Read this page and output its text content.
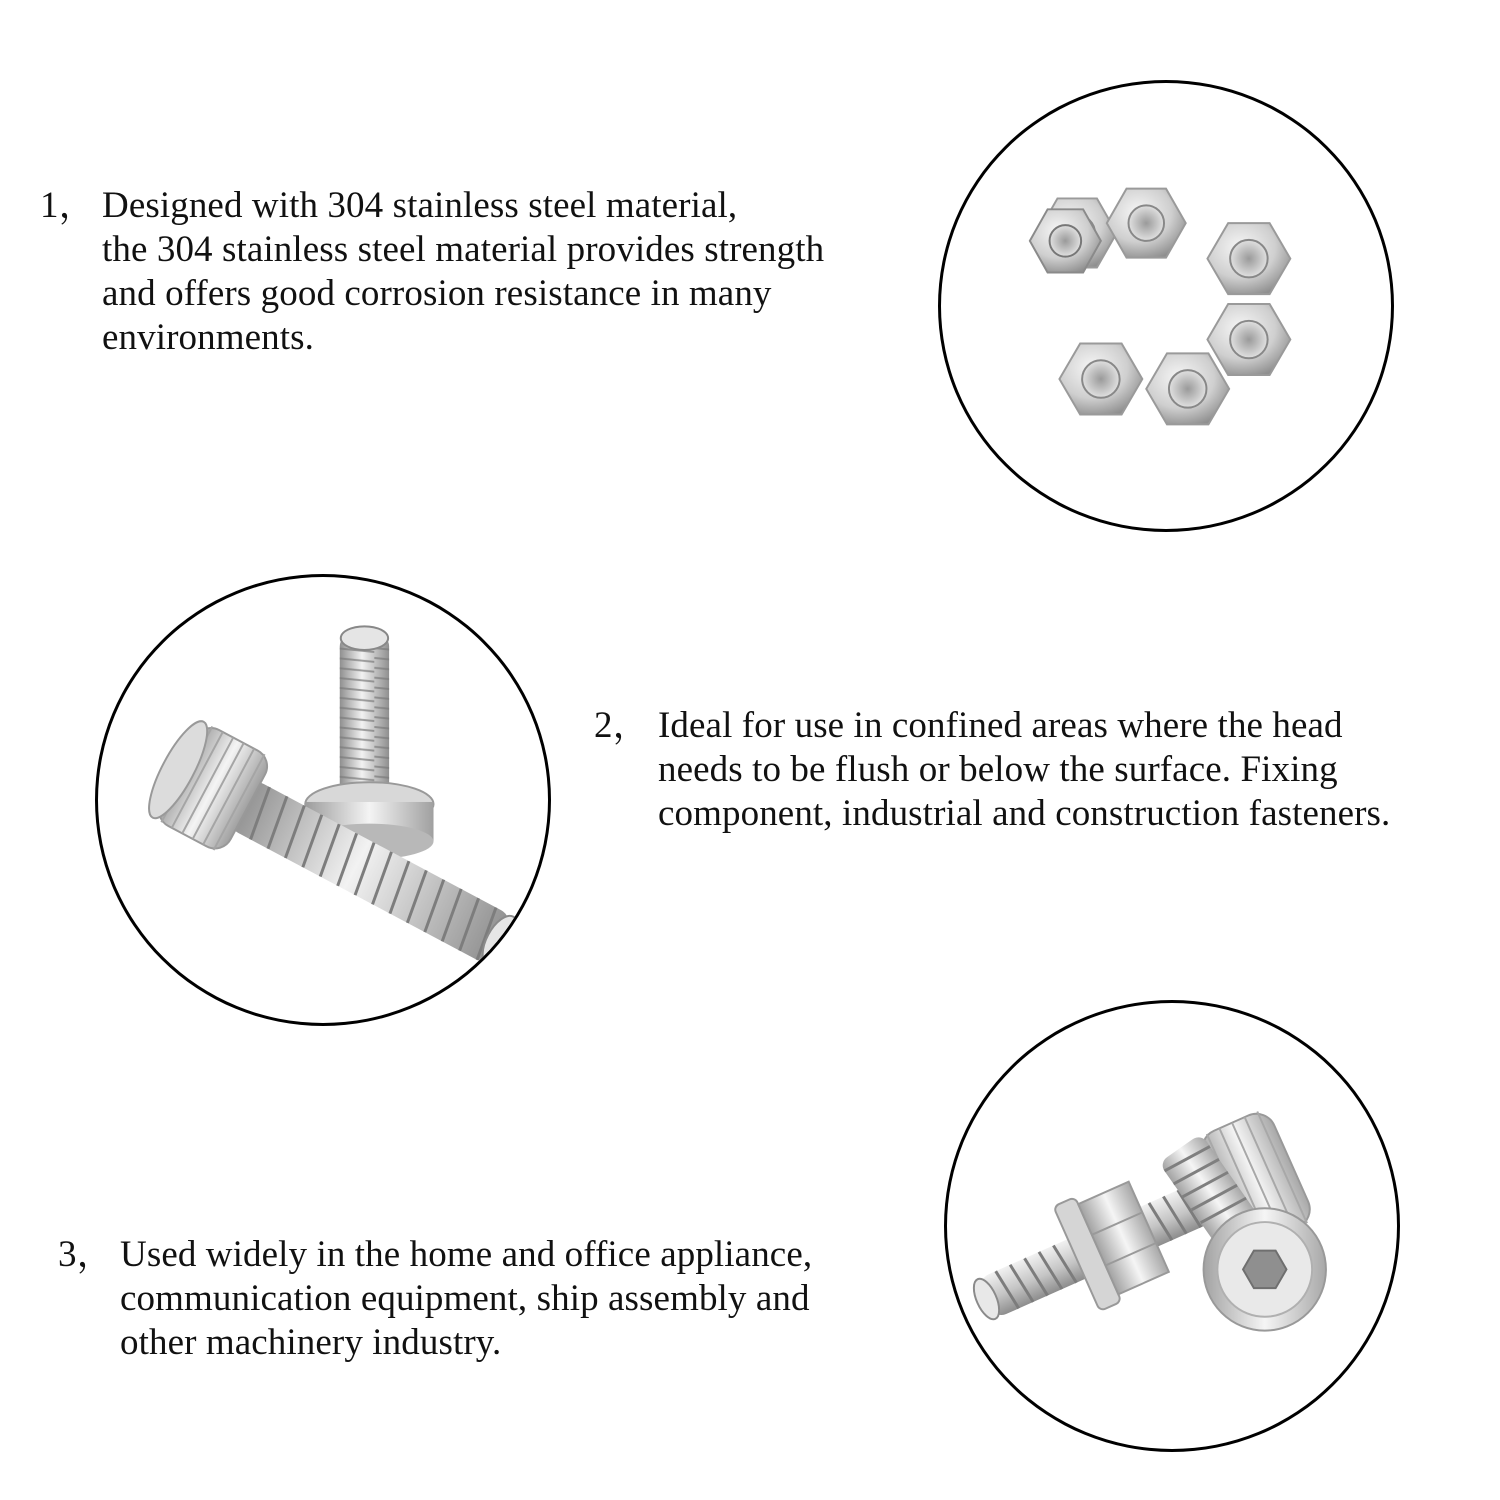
1， Designed with 304 stainless steel material,
the 304 stainless steel material provides strength
and offers good corrosion resistance in many
environments.
2， Ideal for use in confined areas where the head
needs to be flush or below the surface. Fixing
component, industrial and construction fasteners.
3， Used widely in the home and office appliance,
communication equipment, ship assembly and
other machinery industry.
